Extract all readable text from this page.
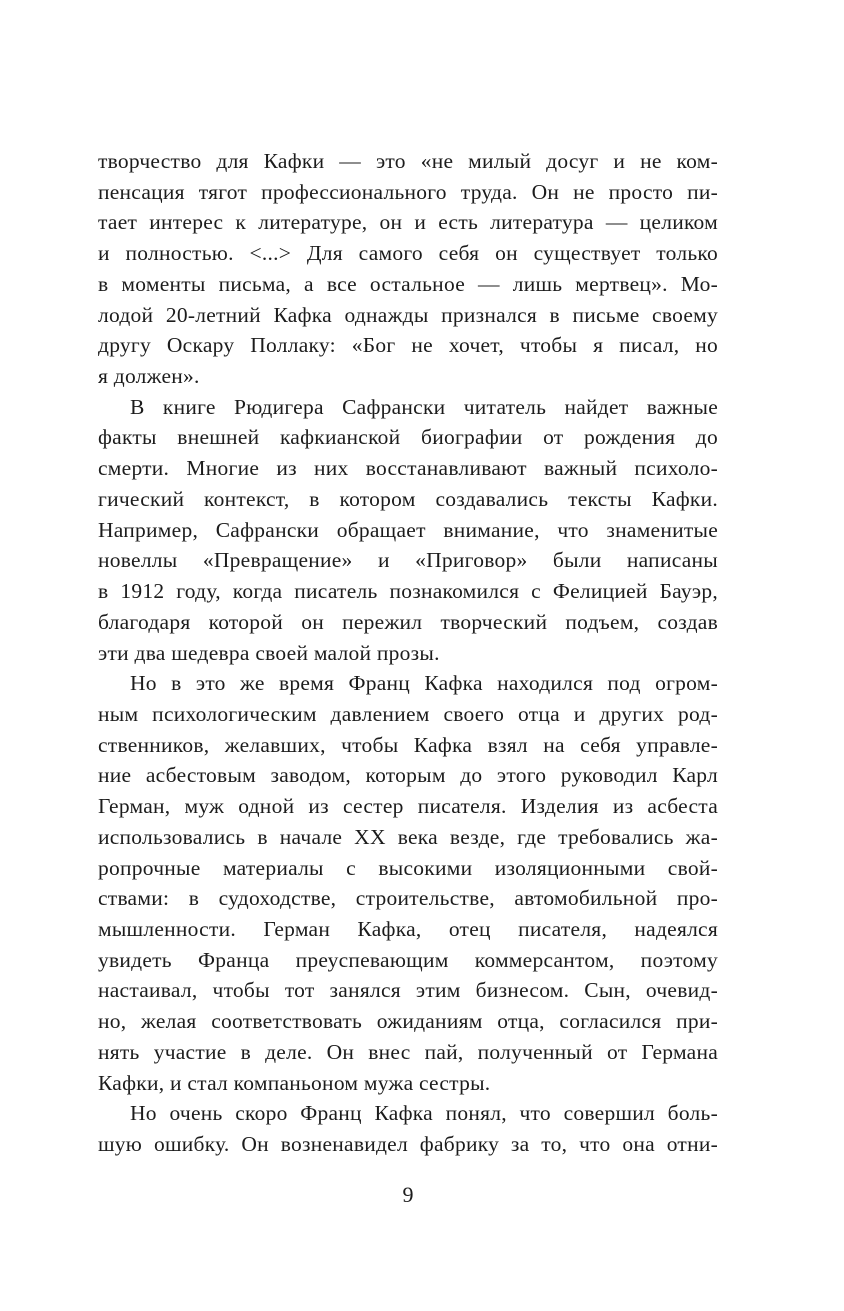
творчество для Кафки — это «не милый досуг и не ком-
пенсация тягот профессионального труда. Он не просто пи-
тает интерес к литературе, он и есть литература — целиком
и полностью. <...> Для самого себя он существует только
в моменты письма, а все остальное — лишь мертвец». Мо-
лодой 20-летний Кафка однажды признался в письме своему
другу Оскару Поллаку: «Бог не хочет, чтобы я писал, но
я должен».
В книге Рюдигера Сафрански читатель найдет важные
факты внешней кафкианской биографии от рождения до
смерти. Многие из них восстанавливают важный психоло-
гический контекст, в котором создавались тексты Кафки.
Например, Сафрански обращает внимание, что знаменитые
новеллы «Превращение» и «Приговор» были написаны
в 1912 году, когда писатель познакомился с Фелицией Бауэр,
благодаря которой он пережил творческий подъем, создав
эти два шедевра своей малой прозы.
Но в это же время Франц Кафка находился под огром-
ным психологическим давлением своего отца и других род-
ственников, желавших, чтобы Кафка взял на себя управле-
ние асбестовым заводом, которым до этого руководил Карл
Герман, муж одной из сестер писателя. Изделия из асбеста
использовались в начале XX века везде, где требовались жа-
ропрочные материалы с высокими изоляционными свой-
ствами: в судоходстве, строительстве, автомобильной про-
мышленности. Герман Кафка, отец писателя, надеялся
увидеть Франца преуспевающим коммерсантом, поэтому
настаивал, чтобы тот занялся этим бизнесом. Сын, очевид-
но, желая соответствовать ожиданиям отца, согласился при-
нять участие в деле. Он внес пай, полученный от Германа
Кафки, и стал компаньоном мужа сестры.
Но очень скоро Франц Кафка понял, что совершил боль-
шую ошибку. Он возненавидел фабрику за то, что она отни-
9
